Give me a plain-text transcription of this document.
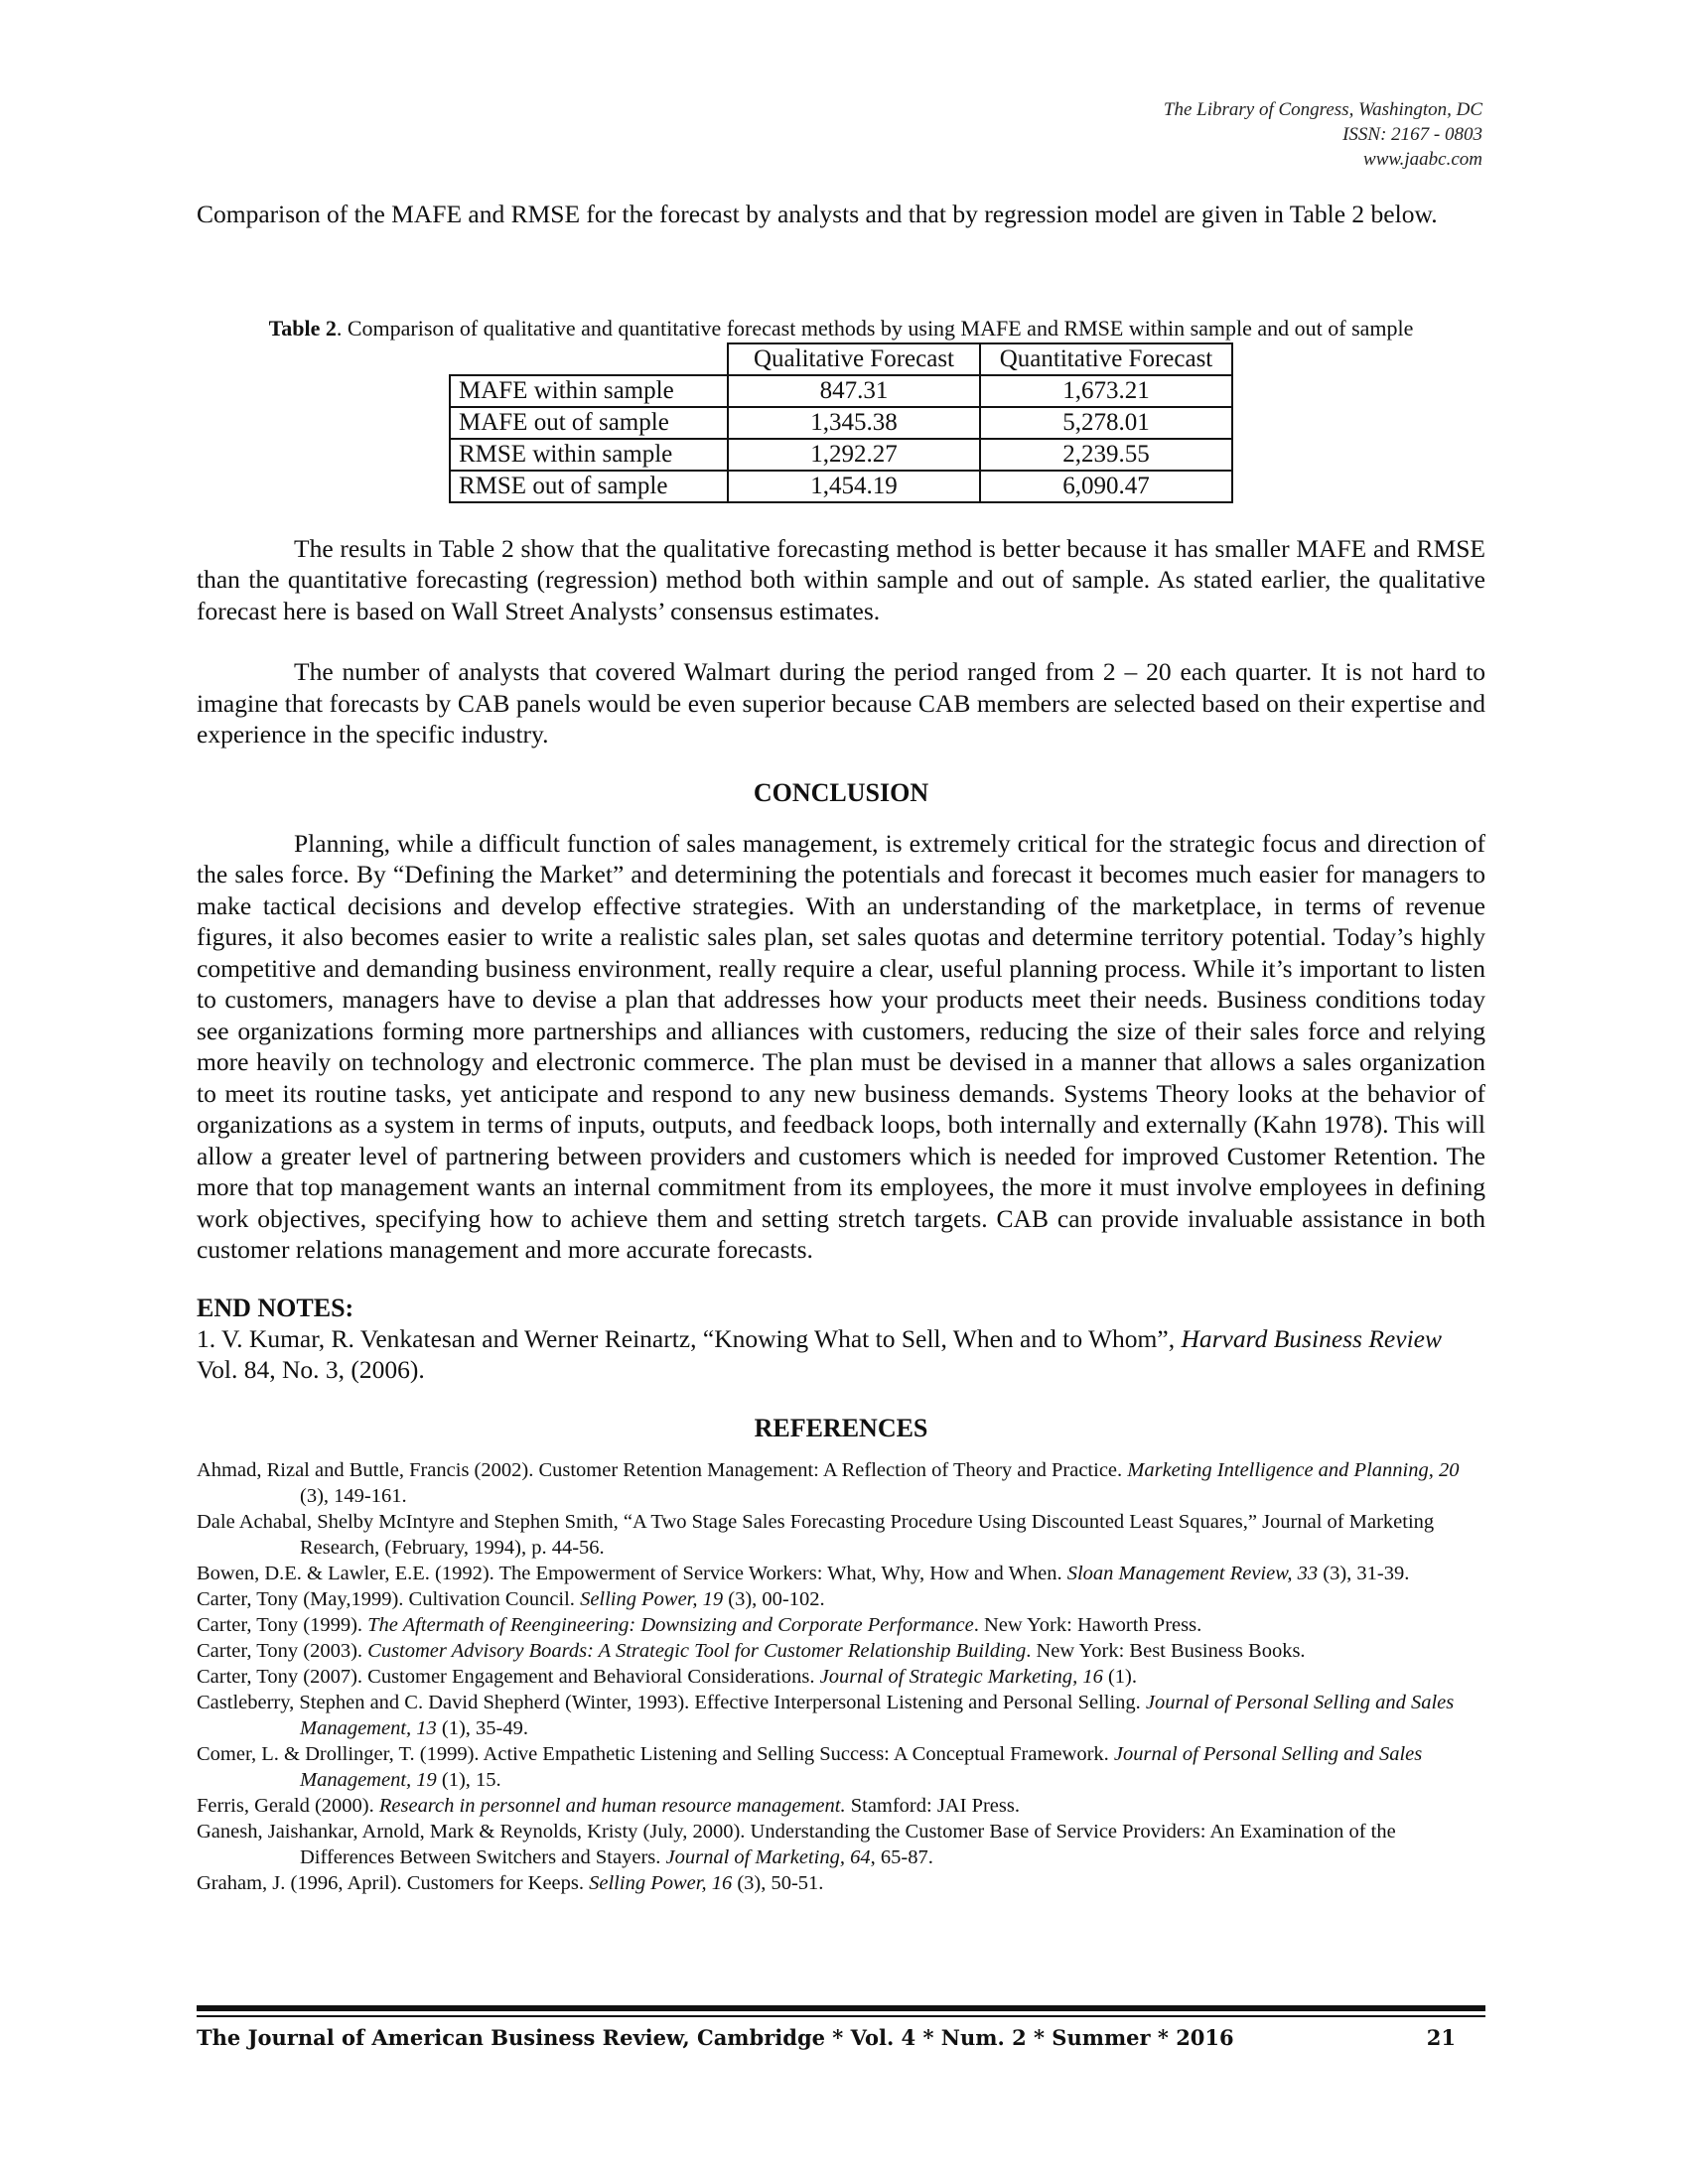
The Library of Congress, Washington, DC
ISSN: 2167 - 0803
www.jaabc.com

Comparison of the MAFE and RMSE for the forecast by analysts and that by regression model are given in Table 2 below.

Table 2. Comparison of qualitative and quantitative forecast methods by using MAFE and RMSE within sample and out of sample
	Qualitative Forecast	Quantitative Forecast
MAFE within sample	847.31	1,673.21
MAFE out of sample	1,345.38	5,278.01
RMSE within sample	1,292.27	2,239.55
RMSE out of sample	1,454.19	6,090.47

The results in Table 2 show that the qualitative forecasting method is better because it has smaller MAFE and RMSE than the quantitative forecasting (regression) method both within sample and out of sample. As stated earlier, the qualitative forecast here is based on Wall Street Analysts’ consensus estimates.

The number of analysts that covered Walmart during the period ranged from 2 – 20 each quarter. It is not hard to imagine that forecasts by CAB panels would be even superior because CAB members are selected based on their expertise and experience in the specific industry.

CONCLUSION

Planning, while a difficult function of sales management, is extremely critical for the strategic focus and direction of the sales force. By “Defining the Market” and determining the potentials and forecast it becomes much easier for managers to make tactical decisions and develop effective strategies. With an understanding of the marketplace, in terms of revenue figures, it also becomes easier to write a realistic sales plan, set sales quotas and determine territory potential. Today’s highly competitive and demanding business environment, really require a clear, useful planning process. While it’s important to listen to customers, managers have to devise a plan that addresses how your products meet their needs. Business conditions today see organizations forming more partnerships and alliances with customers, reducing the size of their sales force and relying more heavily on technology and electronic commerce. The plan must be devised in a manner that allows a sales organization to meet its routine tasks, yet anticipate and respond to any new business demands. Systems Theory looks at the behavior of organizations as a system in terms of inputs, outputs, and feedback loops, both internally and externally (Kahn 1978). This will allow a greater level of partnering between providers and customers which is needed for improved Customer Retention. The more that top management wants an internal commitment from its employees, the more it must involve employees in defining work objectives, specifying how to achieve them and setting stretch targets. CAB can provide invaluable assistance in both customer relations management and more accurate forecasts.

END NOTES:

1. V. Kumar, R. Venkatesan and Werner Reinartz, “Knowing What to Sell, When and to Whom”, Harvard Business Review Vol. 84, No. 3, (2006).

REFERENCES

Ahmad, Rizal and Buttle, Francis (2002). Customer Retention Management: A Reflection of Theory and Practice. Marketing Intelligence and Planning, 20 (3), 149-161.

Dale Achabal, Shelby McIntyre and Stephen Smith, “A Two Stage Sales Forecasting Procedure Using Discounted Least Squares,” Journal of Marketing Research, (February, 1994), p. 44-56.

Bowen, D.E. & Lawler, E.E. (1992). The Empowerment of Service Workers: What, Why, How and When. Sloan Management Review, 33 (3), 31-39.

Carter, Tony (May,1999). Cultivation Council. Selling Power, 19 (3), 00-102.

Carter, Tony (1999). The Aftermath of Reengineering: Downsizing and Corporate Performance. New York: Haworth Press.

Carter, Tony (2003). Customer Advisory Boards: A Strategic Tool for Customer Relationship Building. New York: Best Business Books.

Carter, Tony (2007). Customer Engagement and Behavioral Considerations. Journal of Strategic Marketing, 16 (1).

Castleberry, Stephen and C. David Shepherd (Winter, 1993). Effective Interpersonal Listening and Personal Selling. Journal of Personal Selling and Sales Management, 13 (1), 35-49.

Comer, L. & Drollinger, T. (1999). Active Empathetic Listening and Selling Success: A Conceptual Framework. Journal of Personal Selling and Sales Management, 19 (1), 15.

Ferris, Gerald (2000). Research in personnel and human resource management. Stamford: JAI Press.

Ganesh, Jaishankar, Arnold, Mark & Reynolds, Kristy (July, 2000). Understanding the Customer Base of Service Providers: An Examination of the Differences Between Switchers and Stayers. Journal of Marketing, 64, 65-87.

Graham, J. (1996, April). Customers for Keeps. Selling Power, 16 (3), 50-51.

The Journal of American Business Review, Cambridge * Vol. 4 * Num. 2 * Summer * 2016	21
